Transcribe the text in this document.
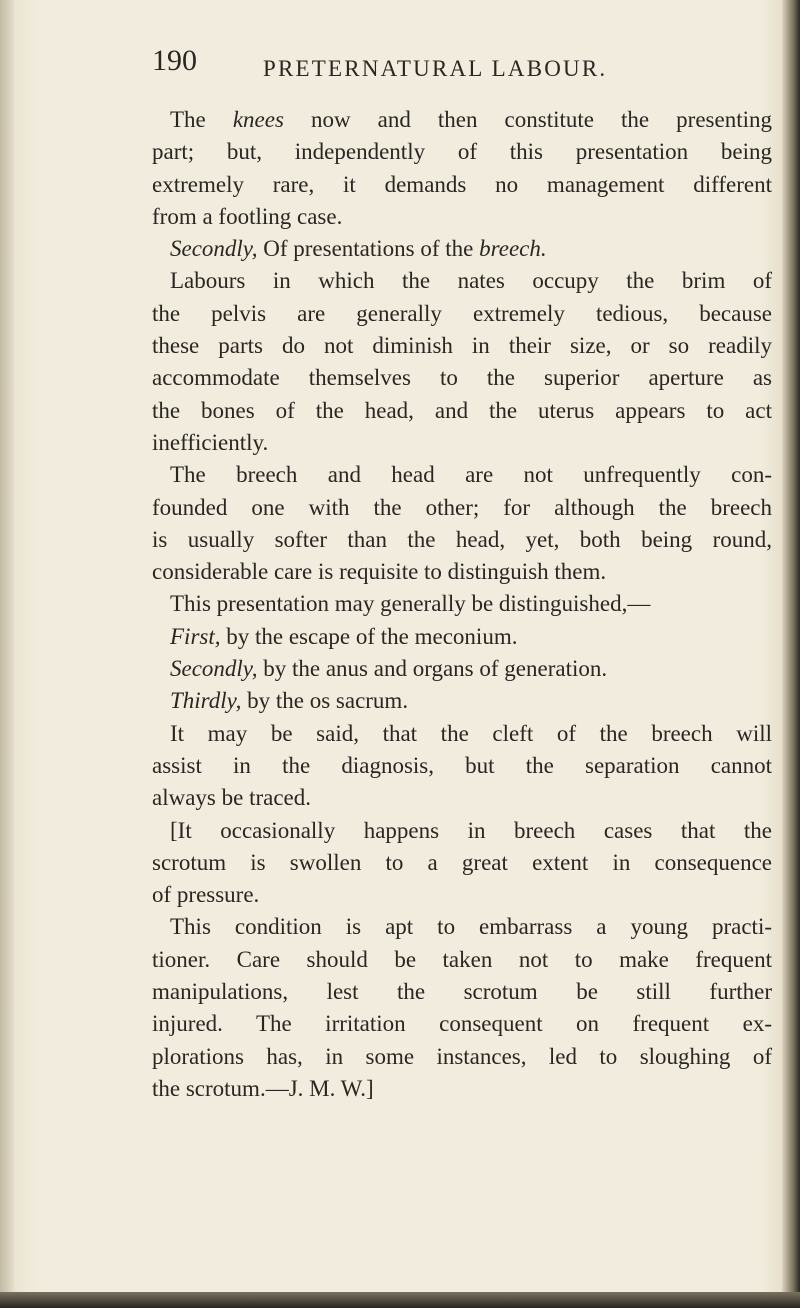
190	PRETERNATURAL LABOUR.
The knees now and then constitute the presenting
part; but, independently of this presentation being
extremely rare, it demands no management different
from a footling case.
Secondly, Of presentations of the breech.
Labours in which the nates occupy the brim of
the pelvis are generally extremely tedious, because
these parts do not diminish in their size, or so readily
accommodate themselves to the superior aperture as
the bones of the head, and the uterus appears to act
inefficiently.
The breech and head are not unfrequently con-
founded one with the other; for although the breech
is usually softer than the head, yet, both being round,
considerable care is requisite to distinguish them.
This presentation may generally be distinguished,—
First, by the escape of the meconium.
Secondly, by the anus and organs of generation.
Thirdly, by the os sacrum.
It may be said, that the cleft of the breech will
assist in the diagnosis, but the separation cannot
always be traced.
[It occasionally happens in breech cases that the
scrotum is swollen to a great extent in consequence
of pressure.
This condition is apt to embarrass a young practi-
tioner. Care should be taken not to make frequent
manipulations, lest the scrotum be still further
injured. The irritation consequent on frequent ex-
plorations has, in some instances, led to sloughing of
the scrotum.—J. M. W.]
